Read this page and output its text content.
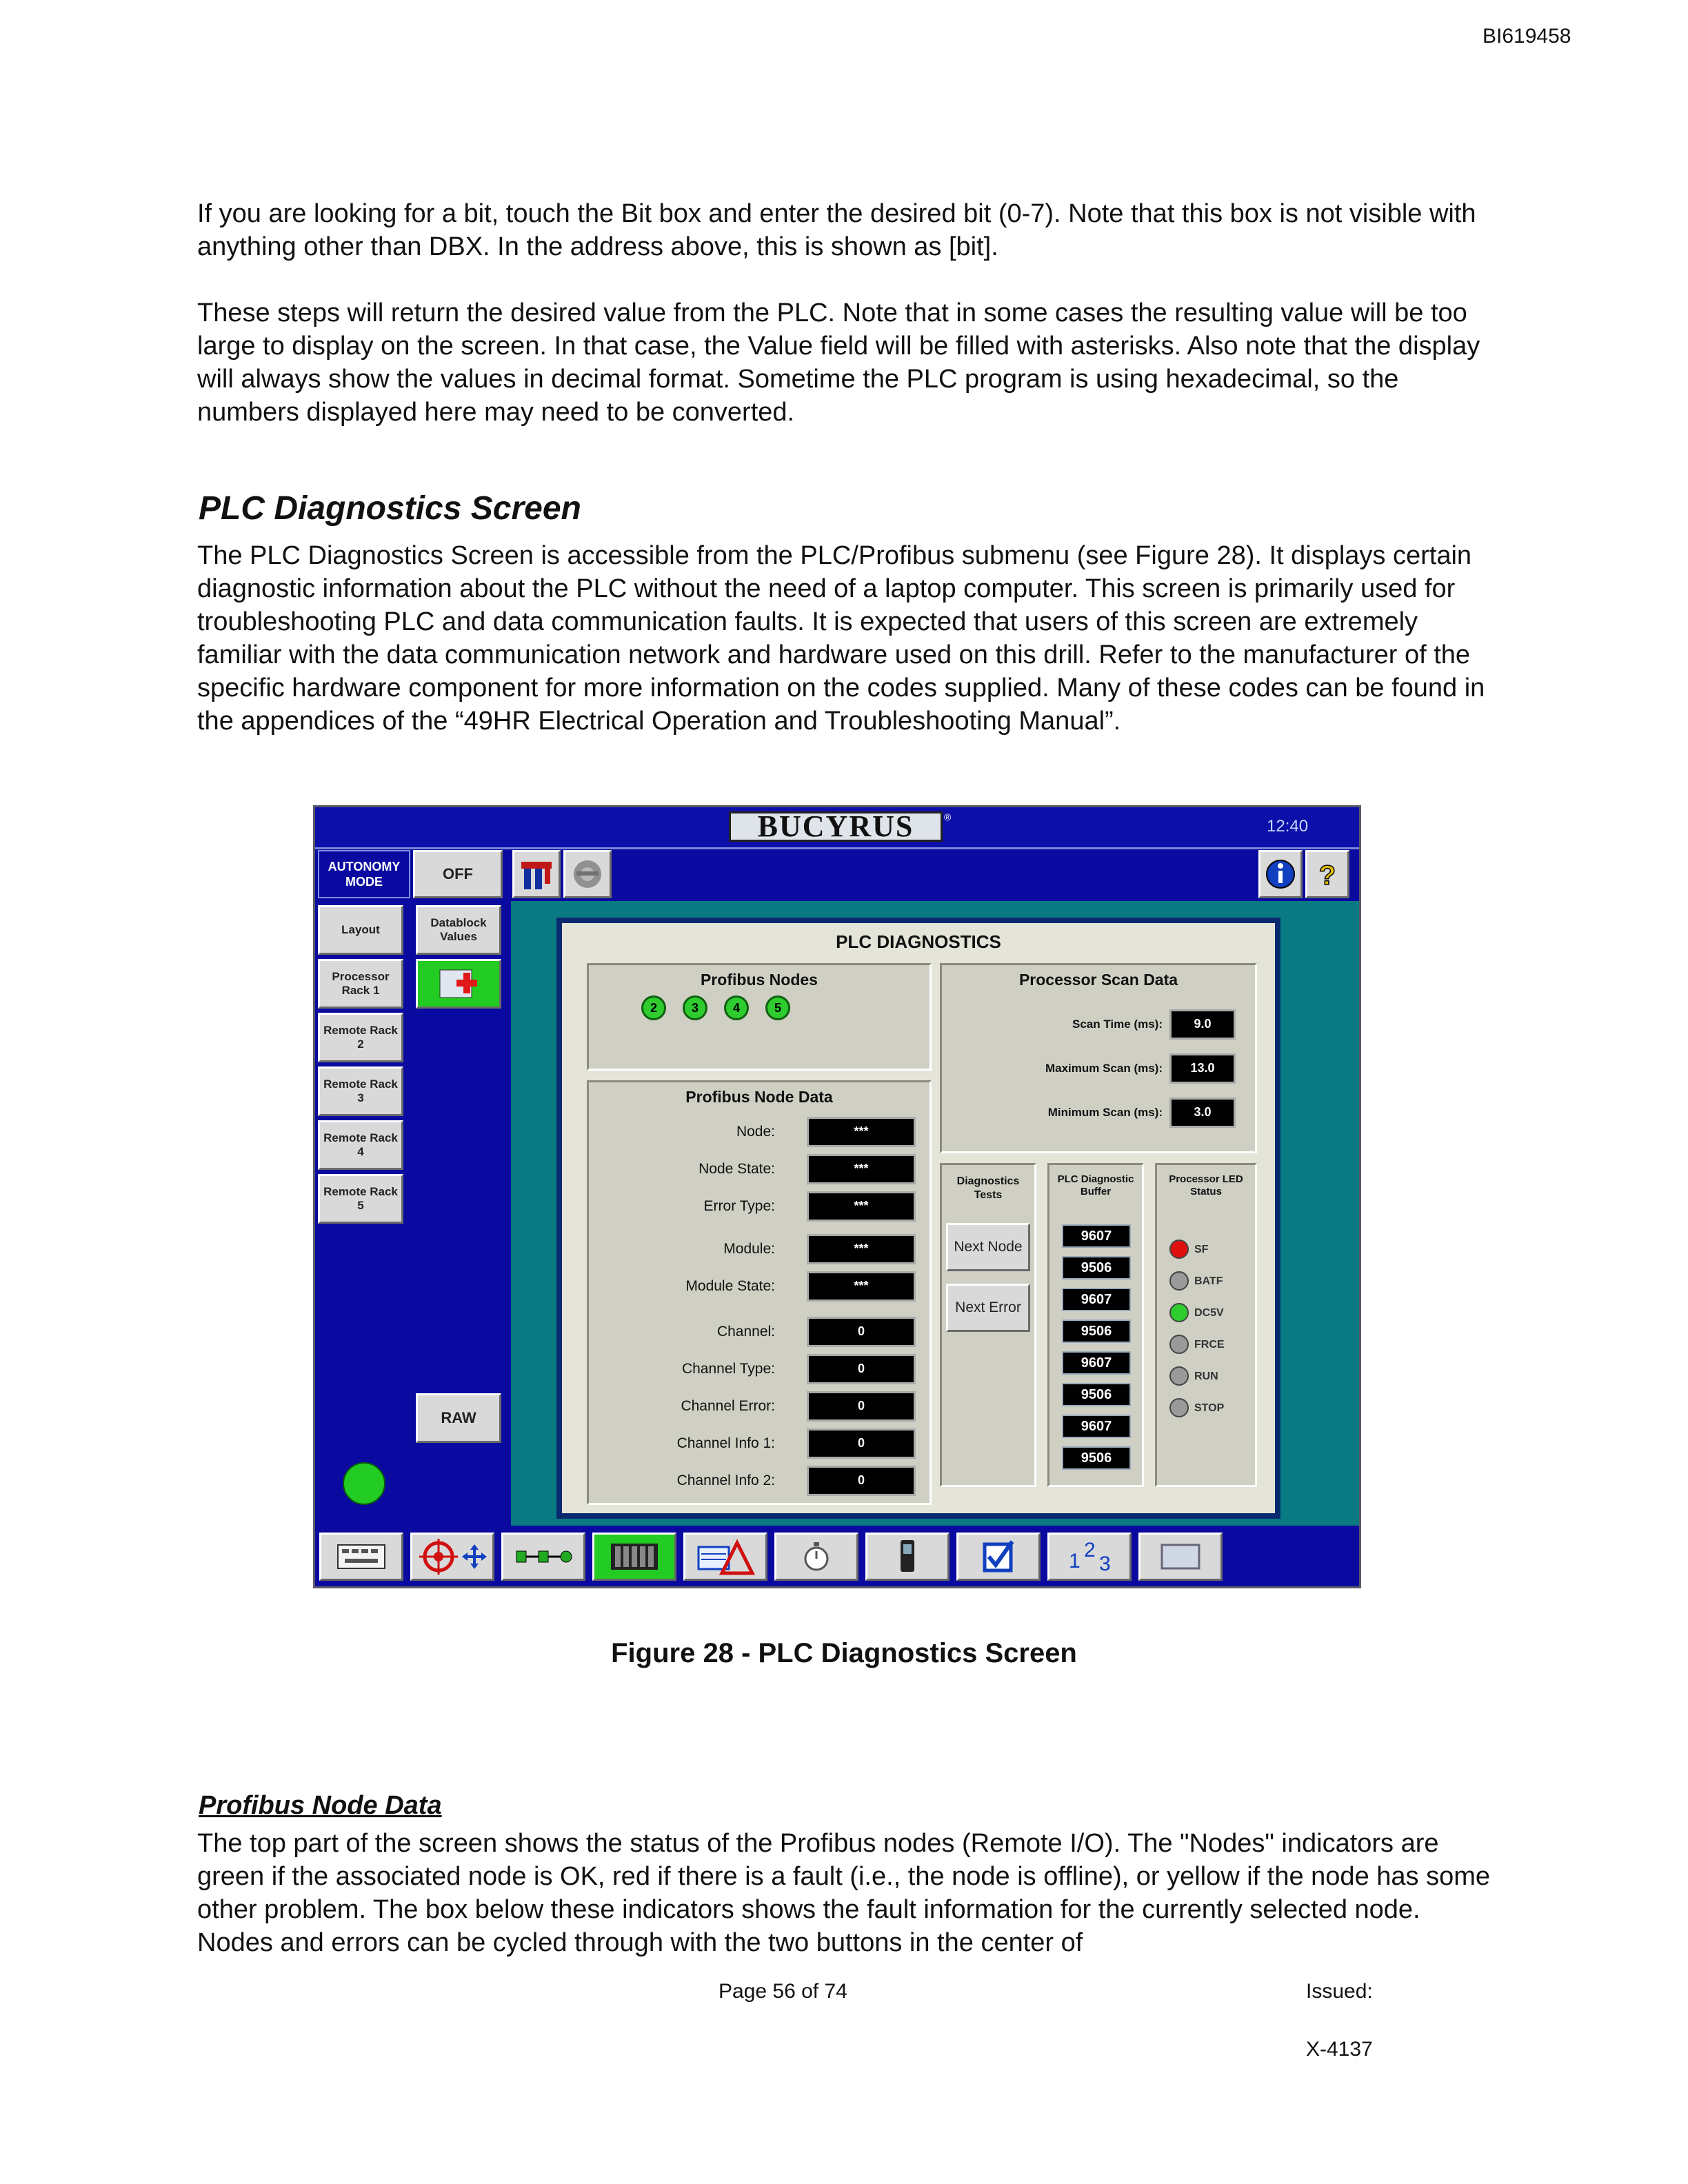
BI619458

If you are looking for a bit, touch the Bit box and enter the desired bit (0-7). Note that this box is not visible with anything other than DBX. In the address above, this is shown as [bit].

These steps will return the desired value from the PLC. Note that in some cases the resulting value will be too large to display on the screen. In that case, the Value field will be filled with asterisks. Also note that the display will always show the values in decimal format. Sometime the PLC program is using hexadecimal, so the numbers displayed here may need to be converted.

PLC Diagnostics Screen

The PLC Diagnostics Screen is accessible from the PLC/Profibus submenu (see Figure 28). It displays certain diagnostic information about the PLC without the need of a laptop computer. This screen is primarily used for troubleshooting PLC and data communication faults. It is expected that users of this screen are extremely familiar with the data communication network and hardware used on this drill. Refer to the manufacturer of the specific hardware component for more information on the codes supplied. Many of these codes can be found in the appendices of the “49HR Electrical Operation and Troubleshooting Manual”.

BUCYRUS	®	12:40
AUTONOMY MODE	OFF	?
Layout
Processor Rack 1
Remote Rack 2
Remote Rack 3
Remote Rack 4
Remote Rack 5
Datablock Values
RAW
PLC DIAGNOSTICS
Profibus Nodes
2	3	4	5
Profibus Node Data
Node:	***
Node State:	***
Error Type:	***
Module:	***
Module State:	***
Channel:	0
Channel Type:	0
Channel Error:	0
Channel Info 1:	0
Channel Info 2:	0
Processor Scan Data
Scan Time (ms):	9.0
Maximum Scan (ms):	13.0
Minimum Scan (ms):	3.0
Diagnostics Tests
Next Node
Next Error
PLC Diagnostic Buffer
9607
9506
9607
9506
9607
9506
9607
9506
Processor LED Status
SF
BATF
DC5V
FRCE
RUN
STOP
1 2
3
Figure 28 - PLC Diagnostics Screen
Profibus Node Data

The top part of the screen shows the status of the Profibus nodes (Remote I/O). The "Nodes" indicators are green if the associated node is OK, red if there is a fault (i.e., the node is offline), or yellow if the node has some other problem. The box below these indicators shows the fault information for the currently selected node. Nodes and errors can be cycled through with the two buttons in the center of

Page 56 of 74	Issued:
X-4137
